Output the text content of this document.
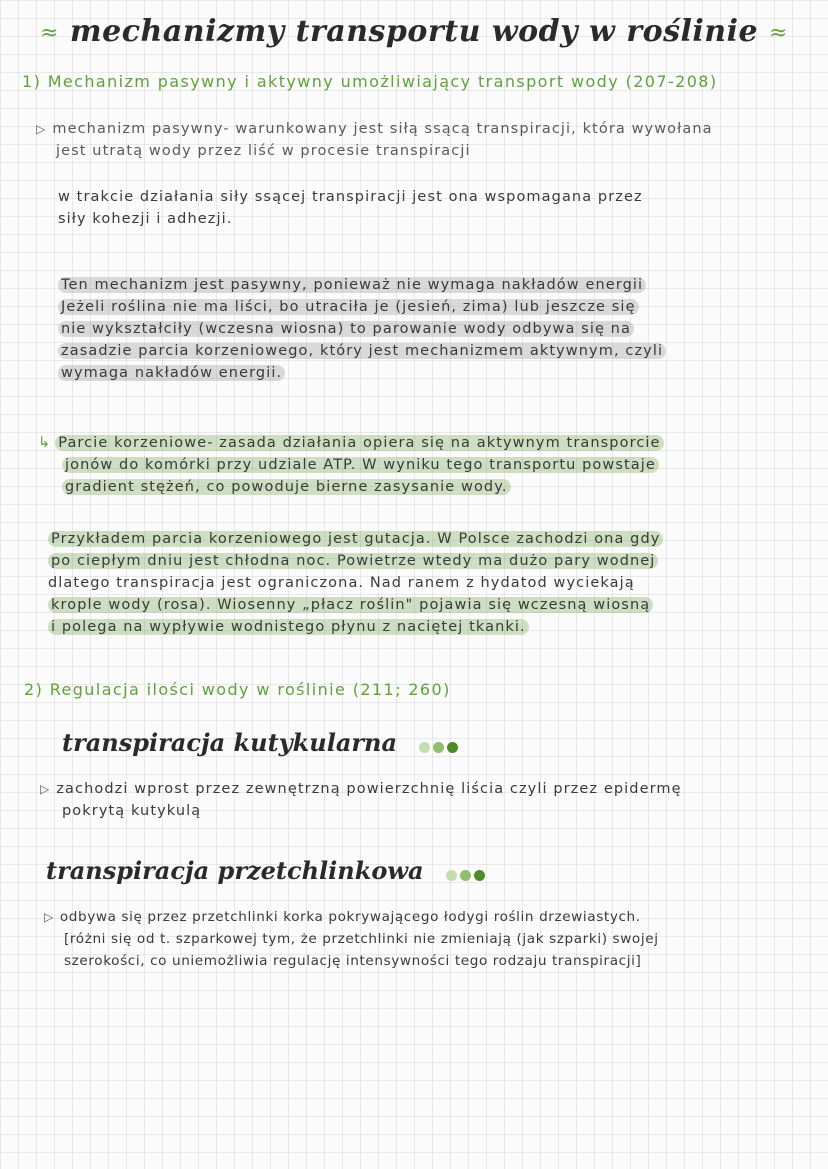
≈ mechanizmy transportu wody w roślinie ≈
1) Mechanizm pasywny i aktywny umożliwiający transport wody (207-208)
▷ mechanizm pasywny- warunkowany jest siłą ssącą transpiracji, która wywołana
jest utratą wody przez liść w procesie transpiracji
w trakcie działania siły ssącej transpiracji jest ona wspomagana przez
siły kohezji i adhezji.
Ten mechanizm jest pasywny, ponieważ nie wymaga nakładów energii
Jeżeli roślina nie ma liści, bo utraciła je (jesień, zima) lub jeszcze się
nie wykształciły (wczesna wiosna) to parowanie wody odbywa się na
zasadzie parcia korzeniowego, który jest mechanizmem aktywnym, czyli
wymaga nakładów energii.
↳ Parcie korzeniowe- zasada działania opiera się na aktywnym transporcie
jonów do komórki przy udziale ATP. W wyniku tego transportu powstaje
gradient stężeń, co powoduje bierne zasysanie wody.
Przykładem parcia korzeniowego jest gutacja. W Polsce zachodzi ona gdy
po ciepłym dniu jest chłodna noc. Powietrze wtedy ma dużo pary wodnej
dlatego transpiracja jest ograniczona. Nad ranem z hydatod wyciekają
krople wody (rosa). Wiosenny „płacz roślin" pojawia się wczesną wiosną
i polega na wypływie wodnistego płynu z naciętej tkanki.
2) Regulacja ilości wody w roślinie (211; 260)
transpiracja kutykularna
▷ zachodzi wprost przez zewnętrzną powierzchnię liścia czyli przez epidermę
pokrytą kutykulą
transpiracja przetchlinkowa
▷ odbywa się przez przetchlinki korka pokrywającego łodygi roślin drzewiastych.
[różni się od t. szparkowej tym, że przetchlinki nie zmieniają (jak szparki) swojej
szerokości, co uniemożliwia regulację intensywności tego rodzaju transpiracji]
